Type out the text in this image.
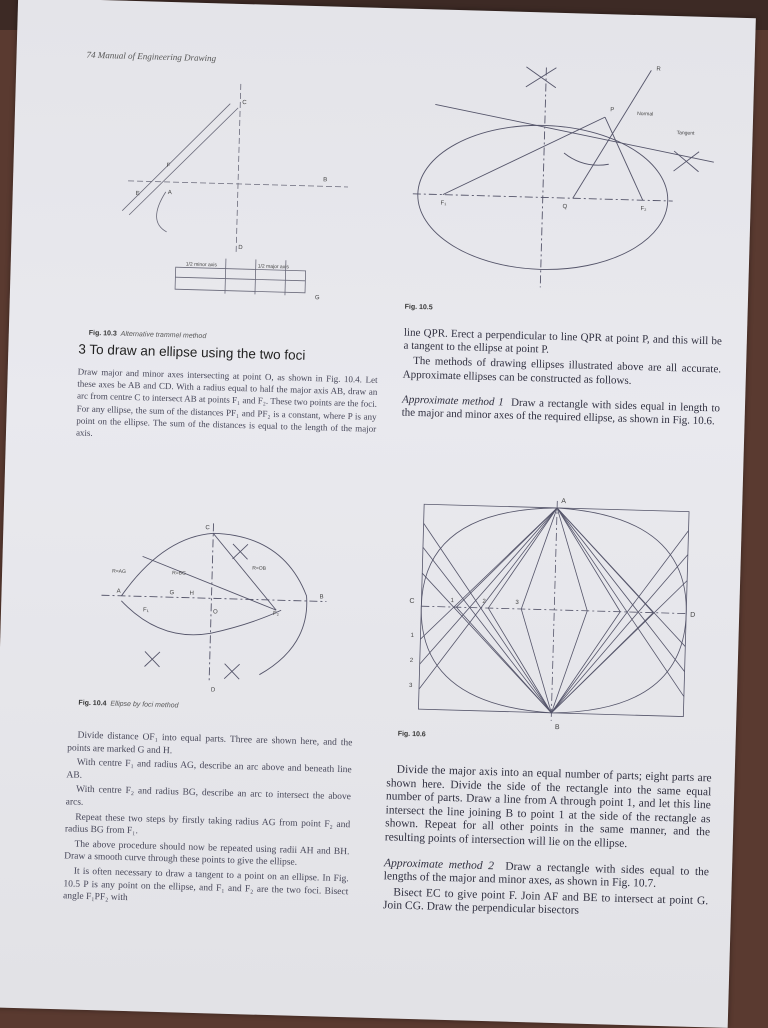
74 Manual of Engineering Drawing
C
D
B
E
F
A
G
1/2 minor axis	1/2 major axis
Fig. 10.3 Alternative trammel method
R
P
Q
Normal
Tangent
F₁
F₂
Fig. 10.5
3 To draw an ellipse using the two foci
Draw major and minor axes intersecting at point O, as shown in Fig. 10.4. Let these axes be AB and CD. With a radius equal to half the major axis AB, draw an arc from centre C to intersect AB at points F₁ and F₂. These two points are the foci. For any ellipse, the sum of the distances PF₁ and PF₂ is a constant, where P is any point on the ellipse. The sum of the distances is equal to the length of the major axis.

line QPR. Erect a perpendicular to line QPR at point P, and this will be a tangent to the ellipse at point P.

The methods of drawing ellipses illustrated above are all accurate. Approximate ellipses can be constructed as follows.

Approximate method 1 Draw a rectangle with sides equal in length to the major and minor axes of the required ellipse, as shown in Fig. 10.6.

C
D
A
B
O
G	H
F₁
F₂
R=AG	R=BG
R=OB
Fig. 10.4 Ellipse by foci method
A
B
C
D
1	2	3
1
2
3
Fig. 10.6

Divide distance OF₁ into equal parts. Three are shown here, and the points are marked G and H.

With centre F₁ and radius AG, describe an arc above and beneath line AB.

With centre F₂ and radius BG, describe an arc to intersect the above arcs.

Repeat these two steps by firstly taking radius AG from point F₂ and radius BG from F₁.

The above procedure should now be repeated using radii AH and BH. Draw a smooth curve through these points to give the ellipse.

It is often necessary to draw a tangent to a point on an ellipse. In Fig. 10.5 P is any point on the ellipse, and F₁ and F₂ are the two foci. Bisect angle F₁PF₂ with

Divide the major axis into an equal number of parts; eight parts are shown here. Divide the side of the rectangle into the same equal number of parts. Draw a line from A through point 1, and let this line intersect the line joining B to point 1 at the side of the rectangle as shown. Repeat for all other points in the same manner, and the resulting points of intersection will lie on the ellipse.

Approximate method 2 Draw a rectangle with sides equal to the lengths of the major and minor axes, as shown in Fig. 10.7.

Bisect EC to give point F. Join AF and BE to intersect at point G. Join CG. Draw the perpendicular bisectors
